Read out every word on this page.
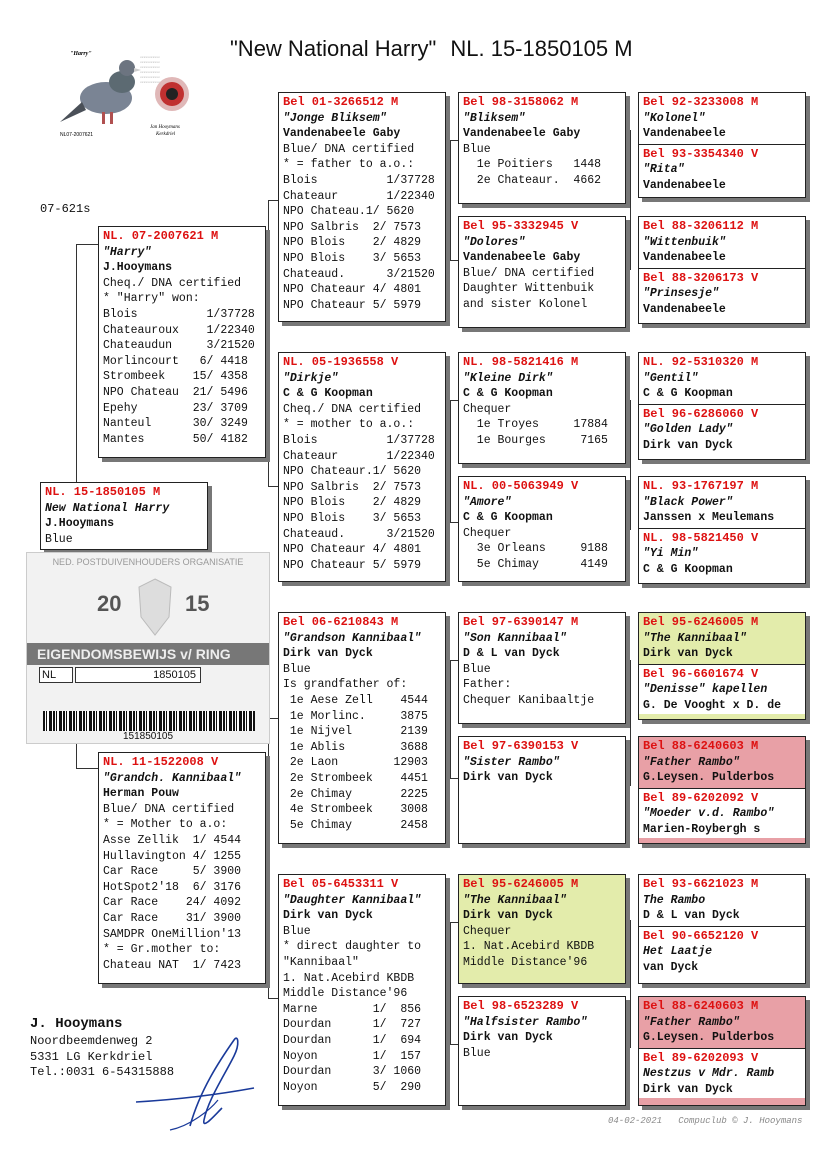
"New National Harry" NL. 15-1850105 M
"Harry"
xxxxxxxxxxx
xxxxxxxxxxx
xxxxxxxxxxx
xxxxxxxxxxx
xxxxxxxxxxx
xxxxxxxxxxx
NL07-2007621
Jan Hooymans
Kerkdriel
07-621s
NL. 15-1850105 M
New National Harry
J.Hooymans
Blue
NL. 07-2007621 M
"Harry"
J.Hooymans
Cheq./ DNA certified
* "Harry" won:
Blois          1/37728
Chateauroux    1/22340
Chateaudun     3/21520
Morlincourt   6/ 4418
Strombeek    15/ 4358
NPO Chateau  21/ 5496
Epehy        23/ 3709
Nanteul      30/ 3249
Mantes       50/ 4182
NED. POSTDUIVENHOUDERS ORGANISATIE
20	15
EIGENDOMSBEWIJS v/ RING
NL	1850105
151850105
NL. 11-1522008 V
"Grandch. Kannibaal"
Herman Pouw
Blue/ DNA certified
* = Mother to a.o:
Asse Zellik  1/ 4544
Hullavington 4/ 1255
Car Race     5/ 3900
HotSpot2'18  6/ 3176
Car Race    24/ 4092
Car Race    31/ 3900
SAMDPR OneMillion'13
* = Gr.mother to:
Chateau NAT  1/ 7423
Bel 01-3266512 M
"Jonge Bliksem"
Vandenabeele Gaby
Blue/ DNA certified
* = father to a.o.:
Blois          1/37728
Chateaur       1/22340
NPO Chateau.1/ 5620
NPO Salbris  2/ 7573
NPO Blois    2/ 4829
NPO Blois    3/ 5653
Chateaud.      3/21520
NPO Chateaur 4/ 4801
NPO Chateaur 5/ 5979
NL. 05-1936558 V
"Dirkje"
C & G Koopman
Cheq./ DNA certified
* = mother to a.o.:
Blois          1/37728
Chateaur       1/22340
NPO Chateaur.1/ 5620
NPO Salbris  2/ 7573
NPO Blois    2/ 4829
NPO Blois    3/ 5653
Chateaud.      3/21520
NPO Chateaur 4/ 4801
NPO Chateaur 5/ 5979
Bel 06-6210843 M
"Grandson Kannibaal"
Dirk van Dyck
Blue
Is grandfather of:
1e Aese Zell    4544
1e Morlinc.     3875
1e Nijvel       2139
1e Ablis        3688
2e Laon        12903
2e Strombeek    4451
2e Chimay       2225
4e Strombeek    3008
5e Chimay       2458
Bel 05-6453311 V
"Daughter Kannibaal"
Dirk van Dyck
Blue
* direct daughter to
"Kannibaal"
1. Nat.Acebird KBDB
Middle Distance'96
Marne        1/  856
Dourdan      1/  727
Dourdan      1/  694
Noyon        1/  157
Dourdan      3/ 1060
Noyon        5/  290
Bel 98-3158062 M
"Bliksem"
Vandenabeele Gaby
Blue
1e Poitiers   1448
2e Chateaur.  4662
Bel 95-3332945 V
"Dolores"
Vandenabeele Gaby
Blue/ DNA certified
Daughter Wittenbuik
and sister Kolonel
NL. 98-5821416 M
"Kleine Dirk"
C & G Koopman
Chequer
1e Troyes     17884
1e Bourges     7165
NL. 00-5063949 V
"Amore"
C & G Koopman
Chequer
3e Orleans     9188
5e Chimay      4149
Bel 97-6390147 M
"Son Kannibaal"
D & L van Dyck
Blue
Father:
Chequer Kanibaaltje
Bel 97-6390153 V
"Sister Rambo"
Dirk van Dyck
Bel 95-6246005 M
"The Kannibaal"
Dirk van Dyck
Chequer
1. Nat.Acebird KBDB
Middle Distance'96
Bel 98-6523289 V
"Halfsister Rambo"
Dirk van Dyck
Blue
Bel 92-3233008 M
"Kolonel"
Vandenabeele
Bel 93-3354340 V
"Rita"
Vandenabeele
Bel 88-3206112 M
"Wittenbuik"
Vandenabeele
Bel 88-3206173 V
"Prinsesje"
Vandenabeele
NL. 92-5310320 M
"Gentil"
C & G Koopman
Bel 96-6286060 V
"Golden Lady"
Dirk van Dyck
NL. 93-1767197 M
"Black Power"
Janssen x Meulemans
NL. 98-5821450 V
"Yi Min"
C & G Koopman
Bel 95-6246005 M
"The Kannibaal"
Dirk van Dyck
Bel 96-6601674 V
"Denisse" kapellen
G. De Vooght x D. de
Bel 88-6240603 M
"Father Rambo"
G.Leysen. Pulderbos
Bel 89-6202092 V
"Moeder v.d. Rambo"
Marien-Roybergh s
Bel 93-6621023 M
The Rambo
D & L van Dyck
Bel 90-6652120 V
Het Laatje
van Dyck
Bel 88-6240603 M
"Father Rambo"
G.Leysen. Pulderbos
Bel 89-6202093 V
Nestzus v Mdr. Ramb
Dirk van Dyck
J. Hooymans
Noordbeemdenweg 2
5331 LG Kerkdriel
Tel.:0031 6-54315888
04-02-2021   Compuclub © J. Hooymans
